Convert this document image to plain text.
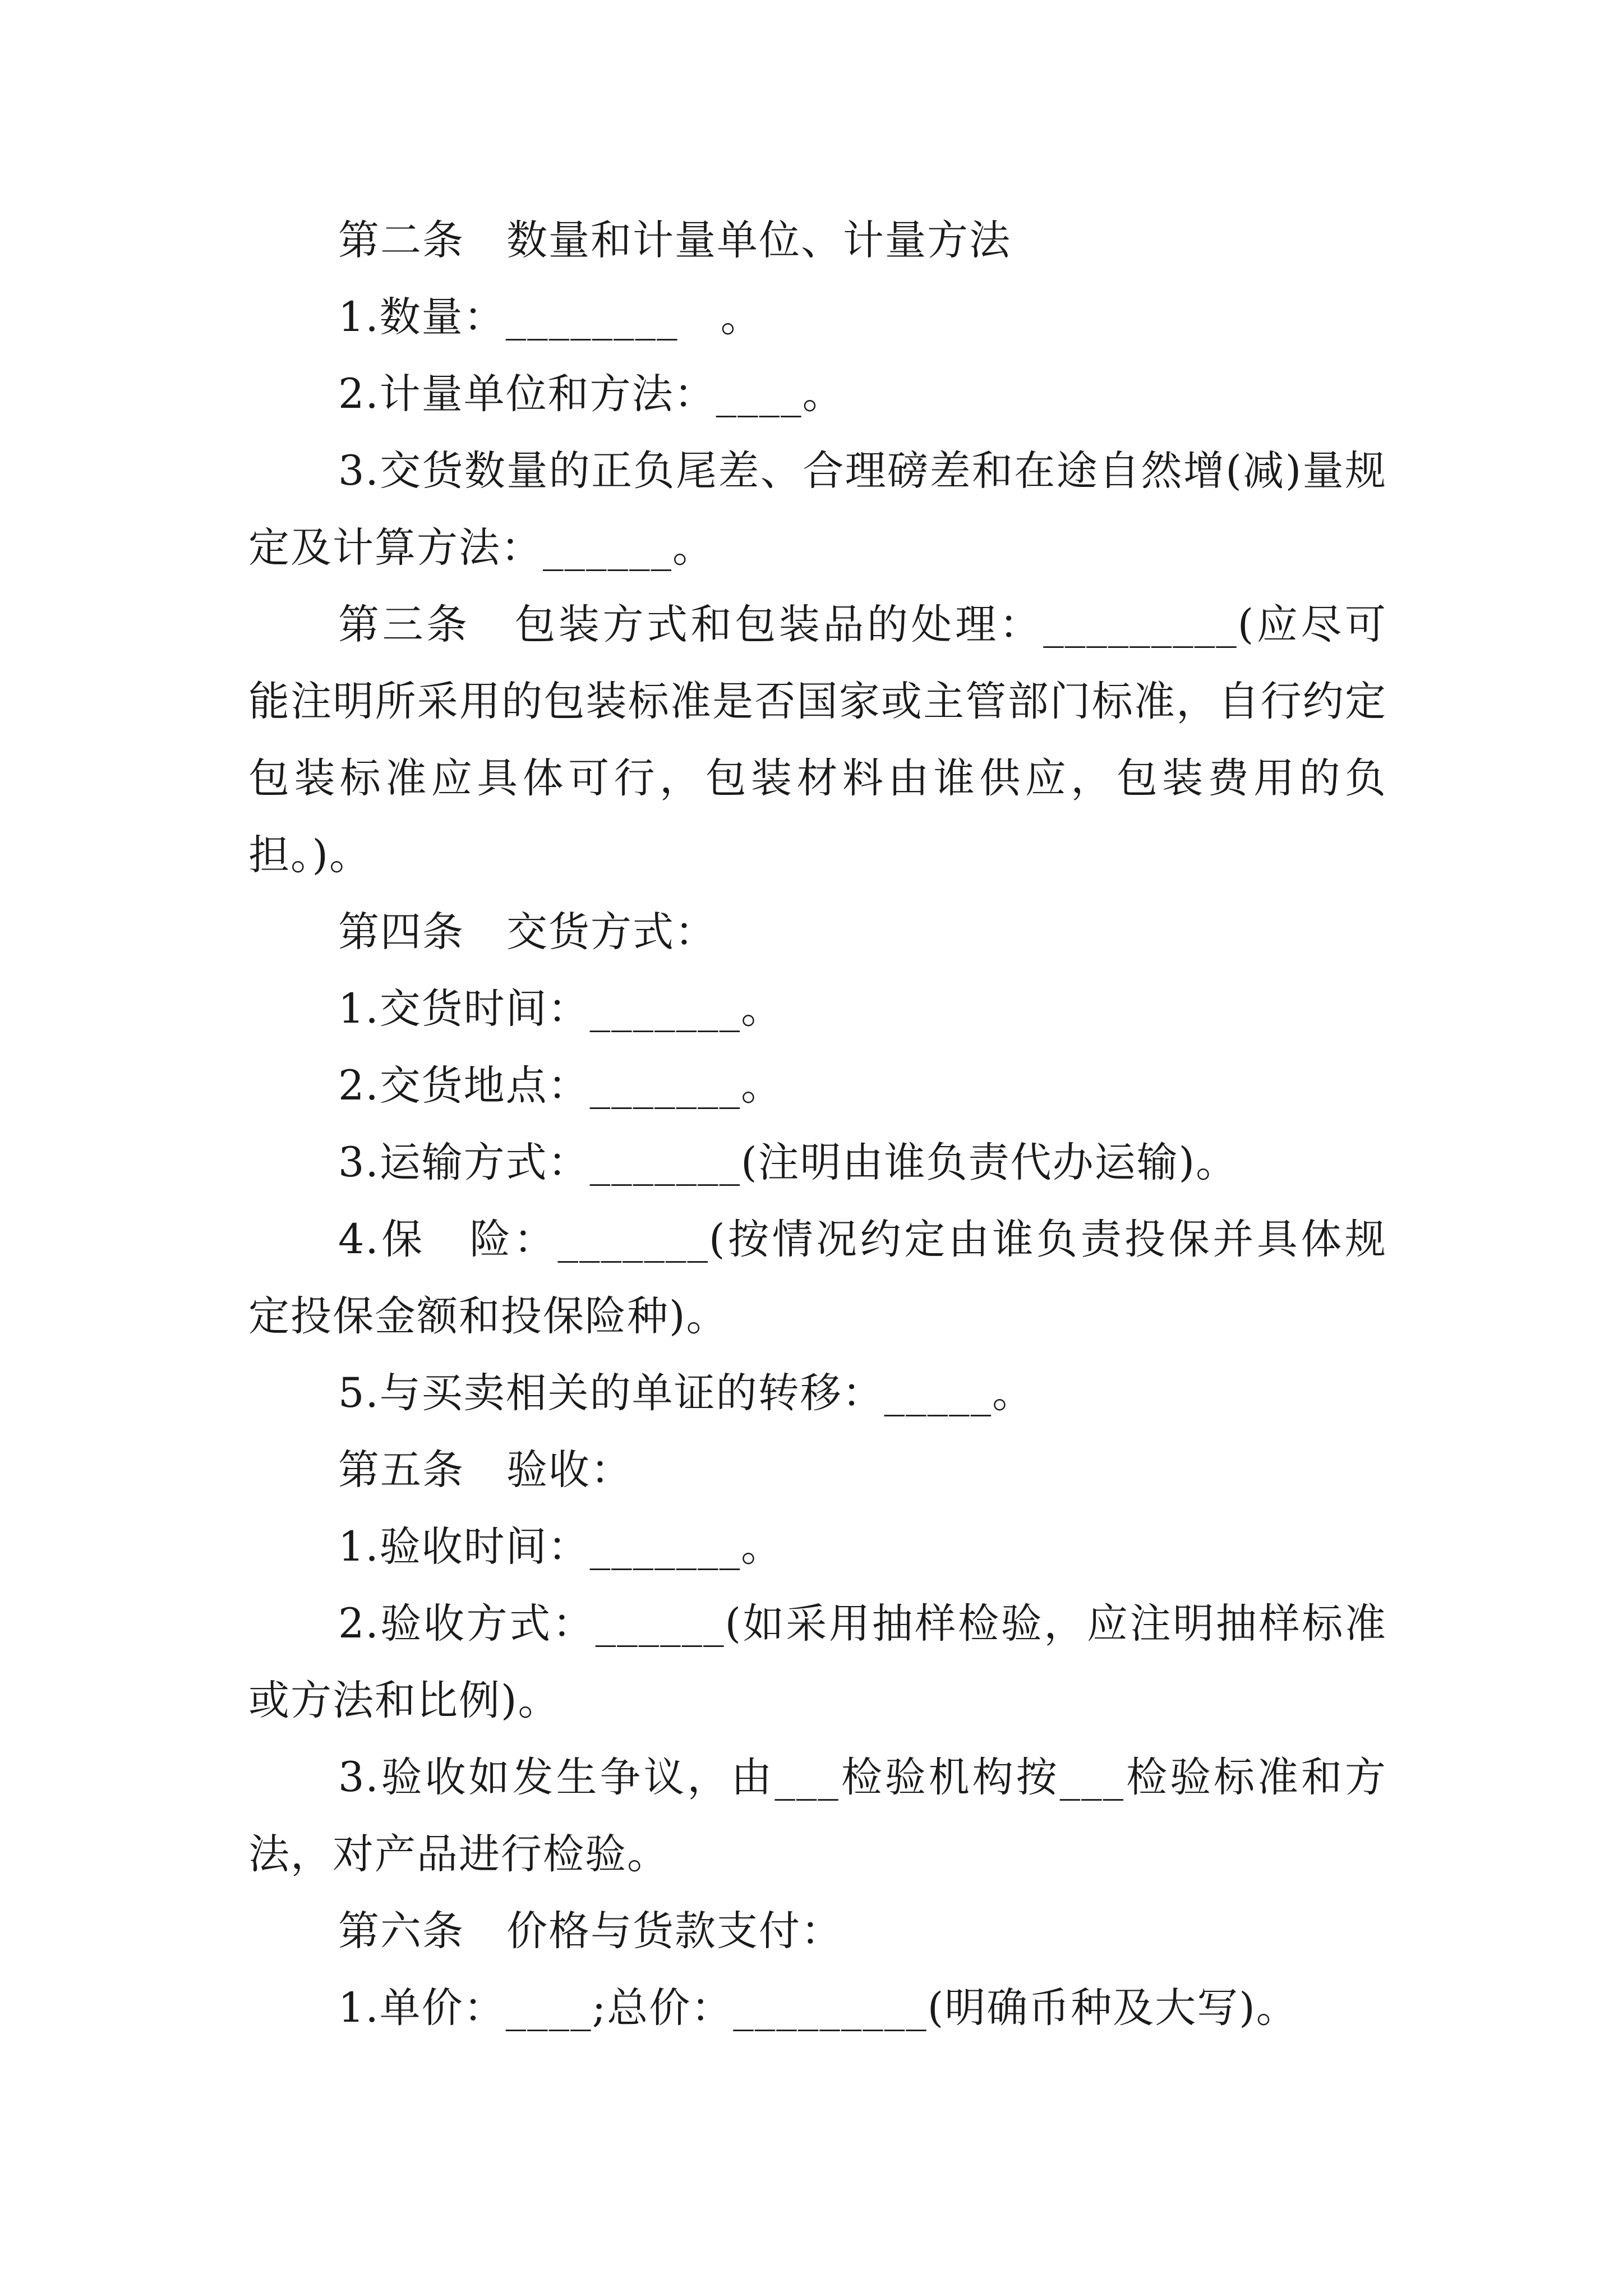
第二条　数量和计量单位、计量方法

1.数量：________　。

2.计量单位和方法：____。

3.交货数量的正负尾差、合理磅差和在途自然增(减)量规定及计算方法：______。

第三条　包装方式和包装品的处理：_________(应尽可能注明所采用的包装标准是否国家或主管部门标准，自行约定包装标准应具体可行，包装材料由谁供应，包装费用的负担。)。

第四条　交货方式：

1.交货时间：_______。

2.交货地点：_______。

3.运输方式：_______(注明由谁负责代办运输)。

4.保　险：_______(按情况约定由谁负责投保并具体规定投保金额和投保险种)。

5.与买卖相关的单证的转移：_____。

第五条　验收：

1.验收时间：_______。

2.验收方式：______(如采用抽样检验，应注明抽样标准或方法和比例)。

3.验收如发生争议，由___检验机构按___检验标准和方法，对产品进行检验。

第六条　价格与货款支付：

1.单价：____;总价：_________(明确币种及大写)。
